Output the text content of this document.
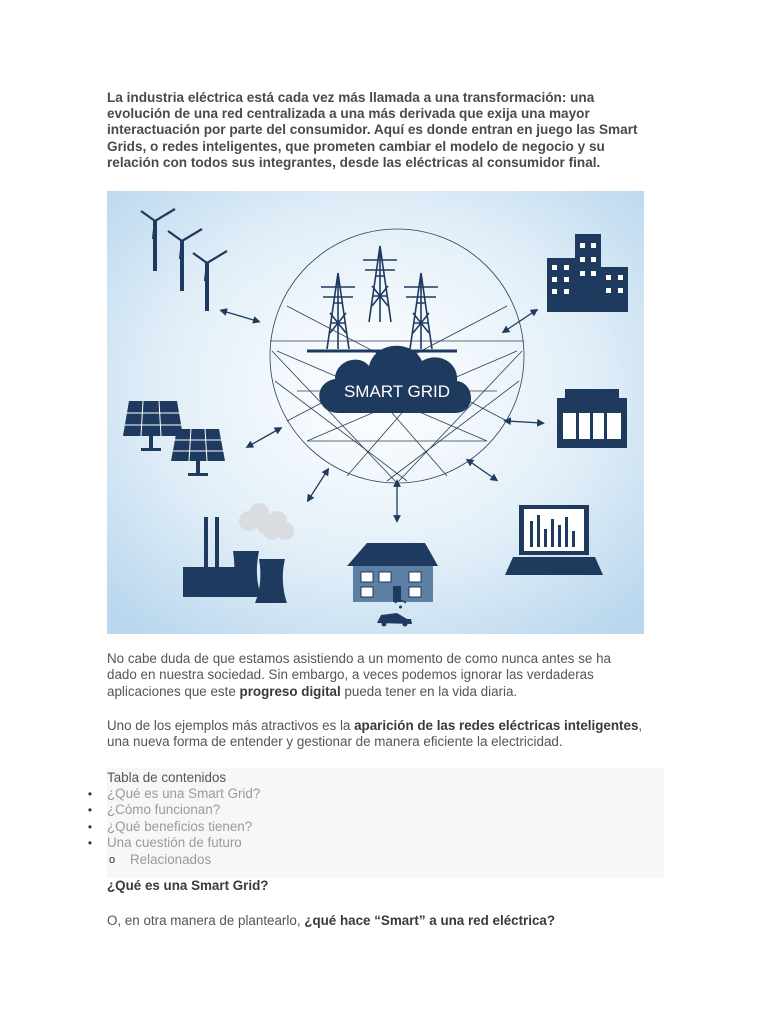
La industria eléctrica está cada vez más llamada a una transformación: una
evolución de una red centralizada a una más derivada que exija una mayor
interactuación por parte del consumidor. Aquí es donde entran en juego las Smart
Grids, o redes inteligentes, que prometen cambiar el modelo de negocio y su
relación con todos sus integrantes, desde las eléctricas al consumidor final.

SMART GRID

No cabe duda de que estamos asistiendo a un momento de como nunca antes se ha
dado en nuestra sociedad. Sin embargo, a veces podemos ignorar las verdaderas
aplicaciones que este progreso digital pueda tener en la vida diaria.

Uno de los ejemplos más atractivos es la aparición de las redes eléctricas inteligentes,
una nueva forma de entender y gestionar de manera eficiente la electricidad.

Tabla de contenidos

• ¿Qué es una Smart Grid?
• ¿Cómo funcionan?
• ¿Qué beneficios tienen?
• Una cuestión de futuro
o Relacionados

¿Qué es una Smart Grid?

O, en otra manera de plantearlo, ¿qué hace “Smart” a una red eléctrica?
